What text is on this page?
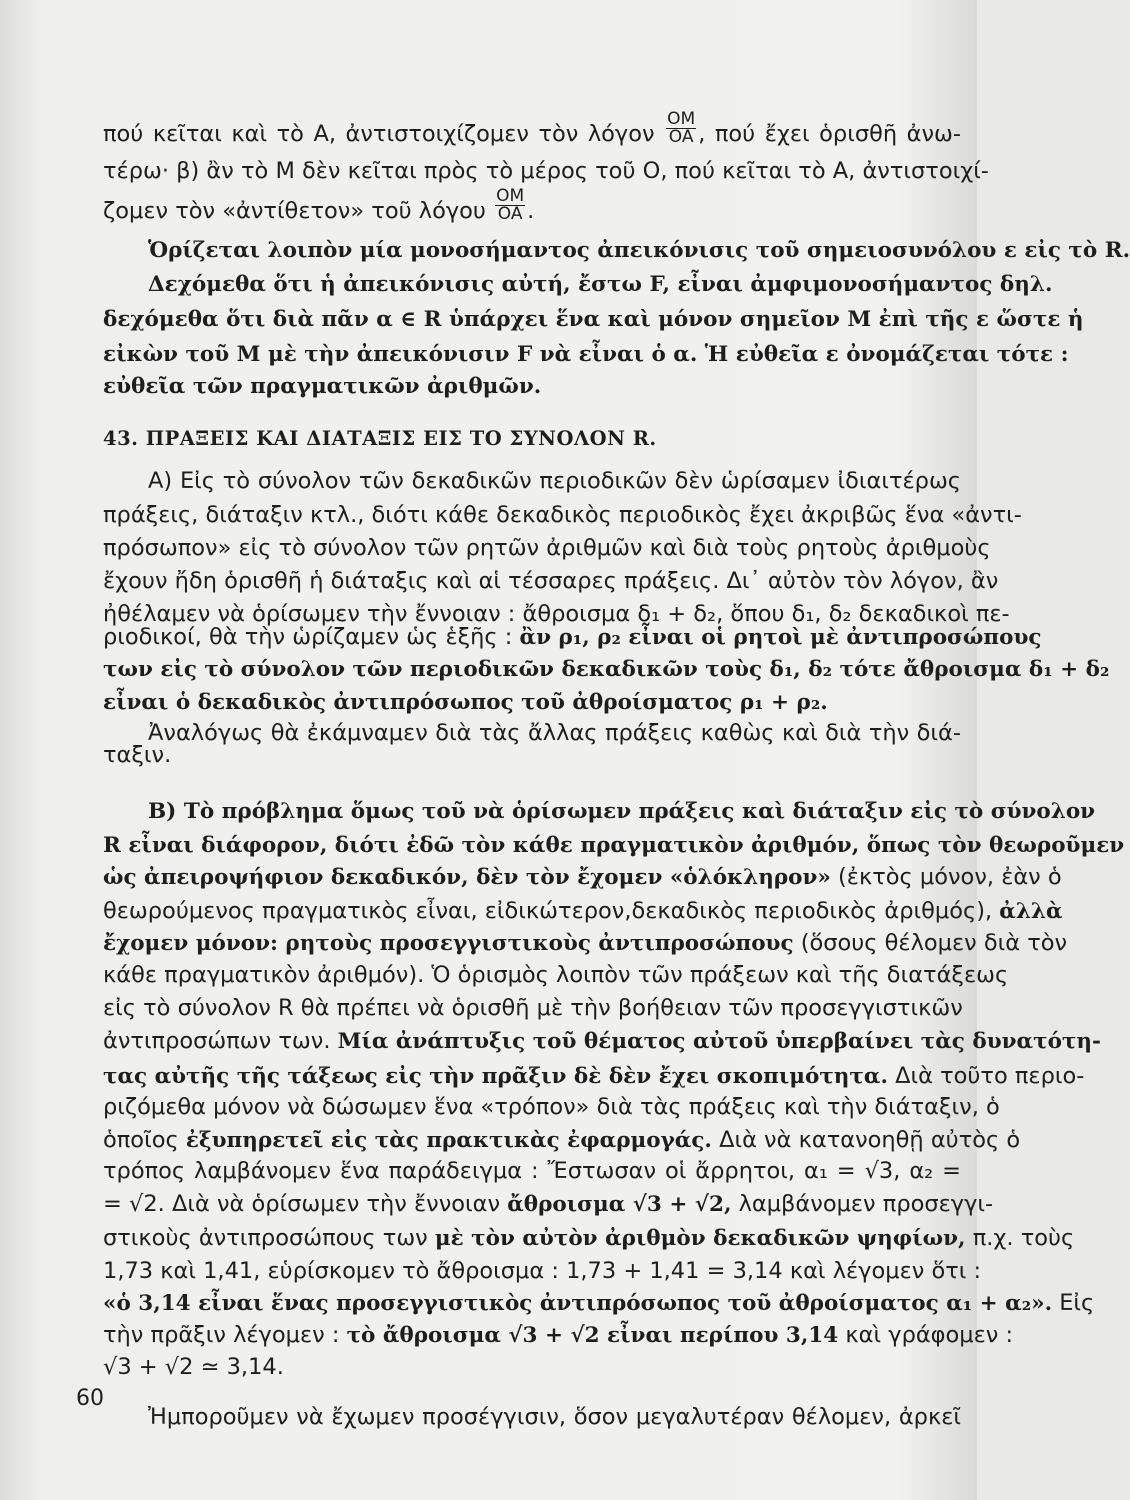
πού κεῖται καὶ τὸ A, ἀντιστοιχίζομεν τὸν λόγον $\frac{OM}{OA}$ , πού ἔχει ὁρισθῆ ἀνω-
τέρω· β) ἂν τὸ M δὲν κεῖται πρὸς τὸ μέρος τοῦ O, πού κεῖται τὸ A, ἀντιστοιχί-
ζομεν τὸν «ἀντίθετον» τοῦ λόγου $\frac{OM}{OA}$ .
Ὁρίζεται λοιπὸν μία μονοσήμαντος ἀπεικόνισις τοῦ σημειοσυνόλου ε εἰς τὸ R.
Δεχόμεθα ὅτι ἡ ἀπεικόνισις αὐτή, ἔστω F, εἶναι ἀμφιμονοσήμαντος δηλ.
δεχόμεθα ὅτι διὰ πᾶν α ∈ R ὑπάρχει ἕνα καὶ μόνον σημεῖον M ἐπὶ τῆς ε ὥστε ἡ
εἰκὼν τοῦ M μὲ τὴν ἀπεικόνισιν F νὰ εἶναι ὁ α. Ἡ εὐθεῖα ε ὀνομάζεται τότε :
εὐθεῖα τῶν πραγματικῶν ἀριθμῶν.
43. ΠΡΑΞΕΙΣ ΚΑΙ ΔΙΑΤΑΞΙΣ ΕΙΣ ΤΟ ΣΥΝΟΛΟΝ R.
Α) Εἰς τὸ σύνολον τῶν δεκαδικῶν περιοδικῶν δὲν ὡρίσαμεν ἰδιαιτέρως
πράξεις, διάταξιν κτλ., διότι κάθε δεκαδικὸς περιοδικὸς ἔχει ἀκριβῶς ἕνα «ἀντι-
πρόσωπον» εἰς τὸ σύνολον τῶν ρητῶν ἀριθμῶν καὶ διὰ τοὺς ρητοὺς ἀριθμοὺς
ἔχουν ἤδη ὁρισθῆ ἡ διάταξις καὶ αἱ τέσσαρες πράξεις. Δι᾽ αὐτὸν τὸν λόγον, ἂν
ἠθέλαμεν νὰ ὁρίσωμεν τὴν ἔννοιαν : ἄθροισμα δ₁ + δ₂, ὅπου δ₁, δ₂ δεκαδικοὶ πε-
ριοδικοί, θὰ τὴν ὡρίζαμεν ὡς ἑξῆς : ἂν ρ₁, ρ₂ εἶναι οἱ ρητοὶ μὲ ἀντιπροσώπους
των εἰς τὸ σύνολον τῶν περιοδικῶν δεκαδικῶν τοὺς δ₁, δ₂ τότε ἄθροισμα δ₁ + δ₂
εἶναι ὁ δεκαδικὸς ἀντιπρόσωπος τοῦ ἀθροίσματος ρ₁ + ρ₂.
Ἀναλόγως θὰ ἐκάμναμεν διὰ τὰς ἄλλας πράξεις καθὼς καὶ διὰ τὴν διά-
ταξιν.
Β) Τὸ πρόβλημα ὅμως τοῦ νὰ ὁρίσωμεν πράξεις καὶ διάταξιν εἰς τὸ σύνολον
R εἶναι διάφορον, διότι ἐδῶ τὸν κάθε πραγματικὸν ἀριθμόν, ὅπως τὸν θεωροῦμεν
ὡς ἀπειροψήφιον δεκαδικόν, δὲν τὸν ἔχομεν «ὁλόκληρον» (ἐκτὸς μόνον, ἐὰν ὁ
θεωρούμενος πραγματικὸς εἶναι, εἰδικώτερον,δεκαδικὸς περιοδικὸς ἀριθμός), ἀλλὰ
ἔχομεν μόνον: ρητοὺς προσεγγιστικοὺς ἀντιπροσώπους (ὅσους θέλομεν διὰ τὸν
κάθε πραγματικὸν ἀριθμόν). Ὁ ὁρισμὸς λοιπὸν τῶν πράξεων καὶ τῆς διατάξεως
εἰς τὸ σύνολον R θὰ πρέπει νὰ ὁρισθῆ μὲ τὴν βοήθειαν τῶν προσεγγιστικῶν
ἀντιπροσώπων των. Μία ἀνάπτυξις τοῦ θέματος αὐτοῦ ὑπερβαίνει τὰς δυνατότη-
τας αὐτῆς τῆς τάξεως εἰς τὴν πρᾶξιν δὲ δὲν ἔχει σκοπιμότητα. Διὰ τοῦτο περιο-
ριζόμεθα μόνον νὰ δώσωμεν ἕνα «τρόπον» διὰ τὰς πράξεις καὶ τὴν διάταξιν, ὁ
ὁποῖος ἐξυπηρετεῖ εἰς τὰς πρακτικὰς ἐφαρμογάς. Διὰ νὰ κατανοηθῇ αὐτὸς ὁ
τρόπος λαμβάνομεν ἕνα παράδειγμα : Ἔστωσαν οἱ ἄρρητοι, α₁ = √3, α₂ =
= √2. Διὰ νὰ ὁρίσωμεν τὴν ἔννοιαν ἄθροισμα √3 + √2, λαμβάνομεν προσεγγι-
στικοὺς ἀντιπροσώπους των μὲ τὸν αὐτὸν ἀριθμὸν δεκαδικῶν ψηφίων, π.χ. τοὺς
1,73 καὶ 1,41, εὑρίσκομεν τὸ ἄθροισμα : 1,73 + 1,41 = 3,14 καὶ λέγομεν ὅτι :
«ὁ 3,14 εἶναι ἕνας προσεγγιστικὸς ἀντιπρόσωπος τοῦ ἀθροίσματος α₁ + α₂». Εἰς
τὴν πρᾶξιν λέγομεν : τὸ ἄθροισμα √3 + √2 εἶναι περίπου 3,14 καὶ γράφομεν :
√3 + √2 ≃ 3,14.
Ἠμποροῦμεν νὰ ἔχωμεν προσέγγισιν, ὅσον μεγαλυτέραν θέλομεν, ἀρκεῖ
60
